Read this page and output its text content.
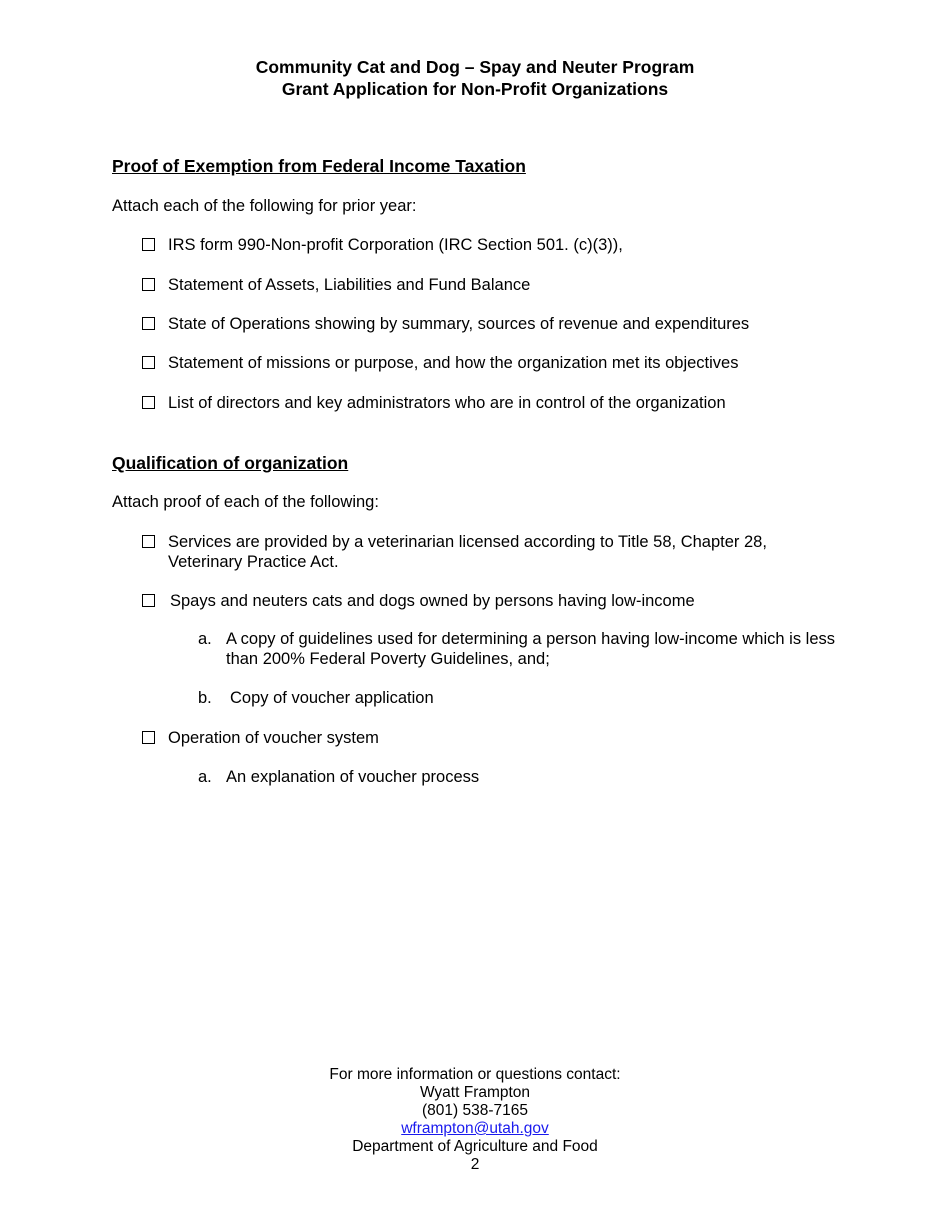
Community Cat and Dog – Spay and Neuter Program
Grant Application for Non-Profit Organizations
Proof of Exemption from Federal Income Taxation
Attach each of the following for prior year:
IRS form 990-Non-profit Corporation (IRC Section 501. (c)(3)),
Statement of Assets, Liabilities and Fund Balance
State of Operations showing by summary, sources of revenue and expenditures
Statement of missions or purpose, and how the organization met its objectives
List of directors and key administrators who are in control of the organization
Qualification of organization
Attach proof of each of the following:
Services are provided by a veterinarian licensed according to Title 58, Chapter 28, Veterinary Practice Act.
Spays and neuters cats and dogs owned by persons having low-income
a. A copy of guidelines used for determining a person having low-income which is less than 200% Federal Poverty Guidelines, and;
b. Copy of voucher application
Operation of voucher system
a. An explanation of voucher process
For more information or questions contact:
Wyatt Frampton
(801) 538-7165
wframpton@utah.gov
Department of Agriculture and Food
2
